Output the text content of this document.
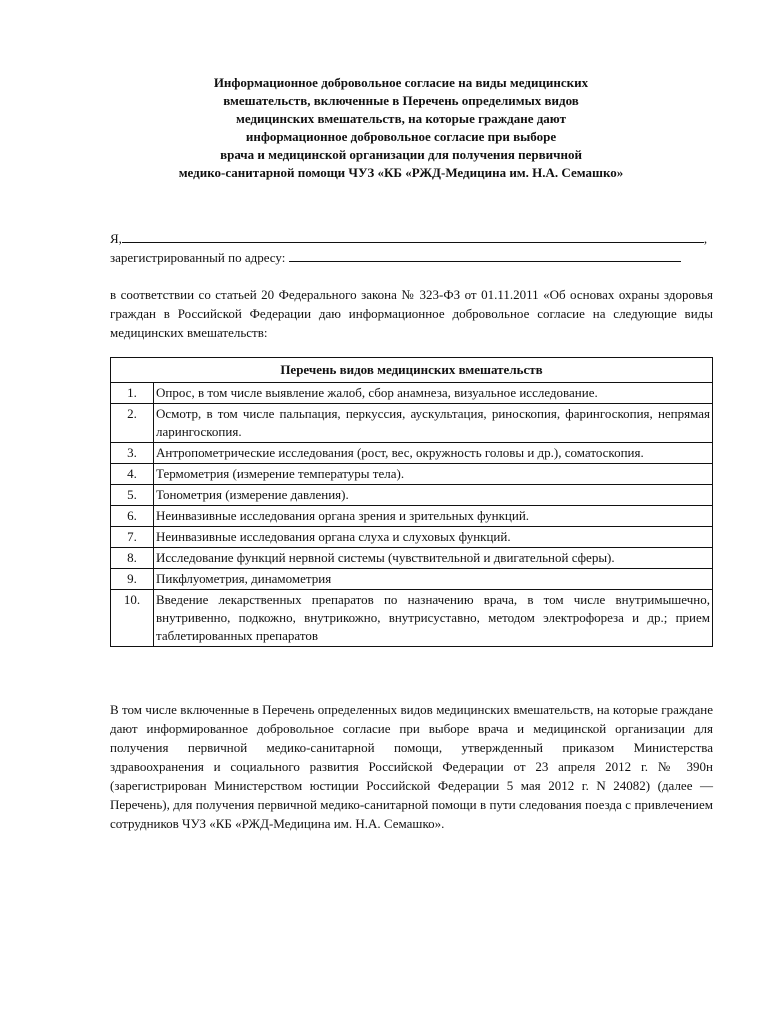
Информационное добровольное согласие на виды медицинских
вмешательств, включенные в Перечень определимых видов
медицинских вмешательств, на которые граждане дают
информационное добровольное согласие при выборе
врача и медицинской организации для получения первичной
медико-санитарной помощи ЧУЗ «КБ «РЖД-Медицина им. Н.А. Семашко»
Я,	,
зарегистрированный по адресу:
в соответствии со статьей 20 Федерального закона № 323-ФЗ от 01.11.2011 «Об основах охраны здоровья граждан в Российской Федерации даю информационное добровольное согласие на следующие виды медицинских вмешательств:
Перечень видов медицинских вмешательств	
1.	Опрос, в том числе выявление жалоб, сбор анамнеза, визуальное исследование.
2.	Осмотр, в том числе пальпация, перкуссия, аускультация, риноскопия, фарингоскопия, непрямая ларингоскопия.
3.	Антропометрические исследования (рост, вес, окружность головы и др.), соматоскопия.
4.	Термометрия (измерение температуры тела).
5.	Тонометрия (измерение давления).
6.	Неинвазивные исследования органа зрения и зрительных функций.
7.	Неинвазивные исследования органа слуха и слуховых функций.
8.	Исследование функций нервной системы (чувствительной и двигательной сферы).
9.	Пикфлуометрия, динамометрия
10.	Введение лекарственных препаратов по назначению врача, в том числе внутримышечно, внутривенно, подкожно, внутрикожно, внутрисуставно, методом электрофореза и др.; прием таблетированных препаратов
В том числе включенные в Перечень определенных видов медицинских вмешательств, на которые граждане дают информированное добровольное согласие при выборе врача и медицинской организации для получения первичной медико-санитарной помощи, утвержденный приказом Министерства здравоохранения и социального развития Российской Федерации от 23 апреля 2012 г. № 390н (зарегистрирован Министерством юстиции Российской Федерации 5 мая 2012 г. N 24082) (далее — Перечень), для получения первичной медико-санитарной помощи в пути следования поезда с привлечением сотрудников ЧУЗ «КБ «РЖД-Медицина им. Н.А. Семашко».
